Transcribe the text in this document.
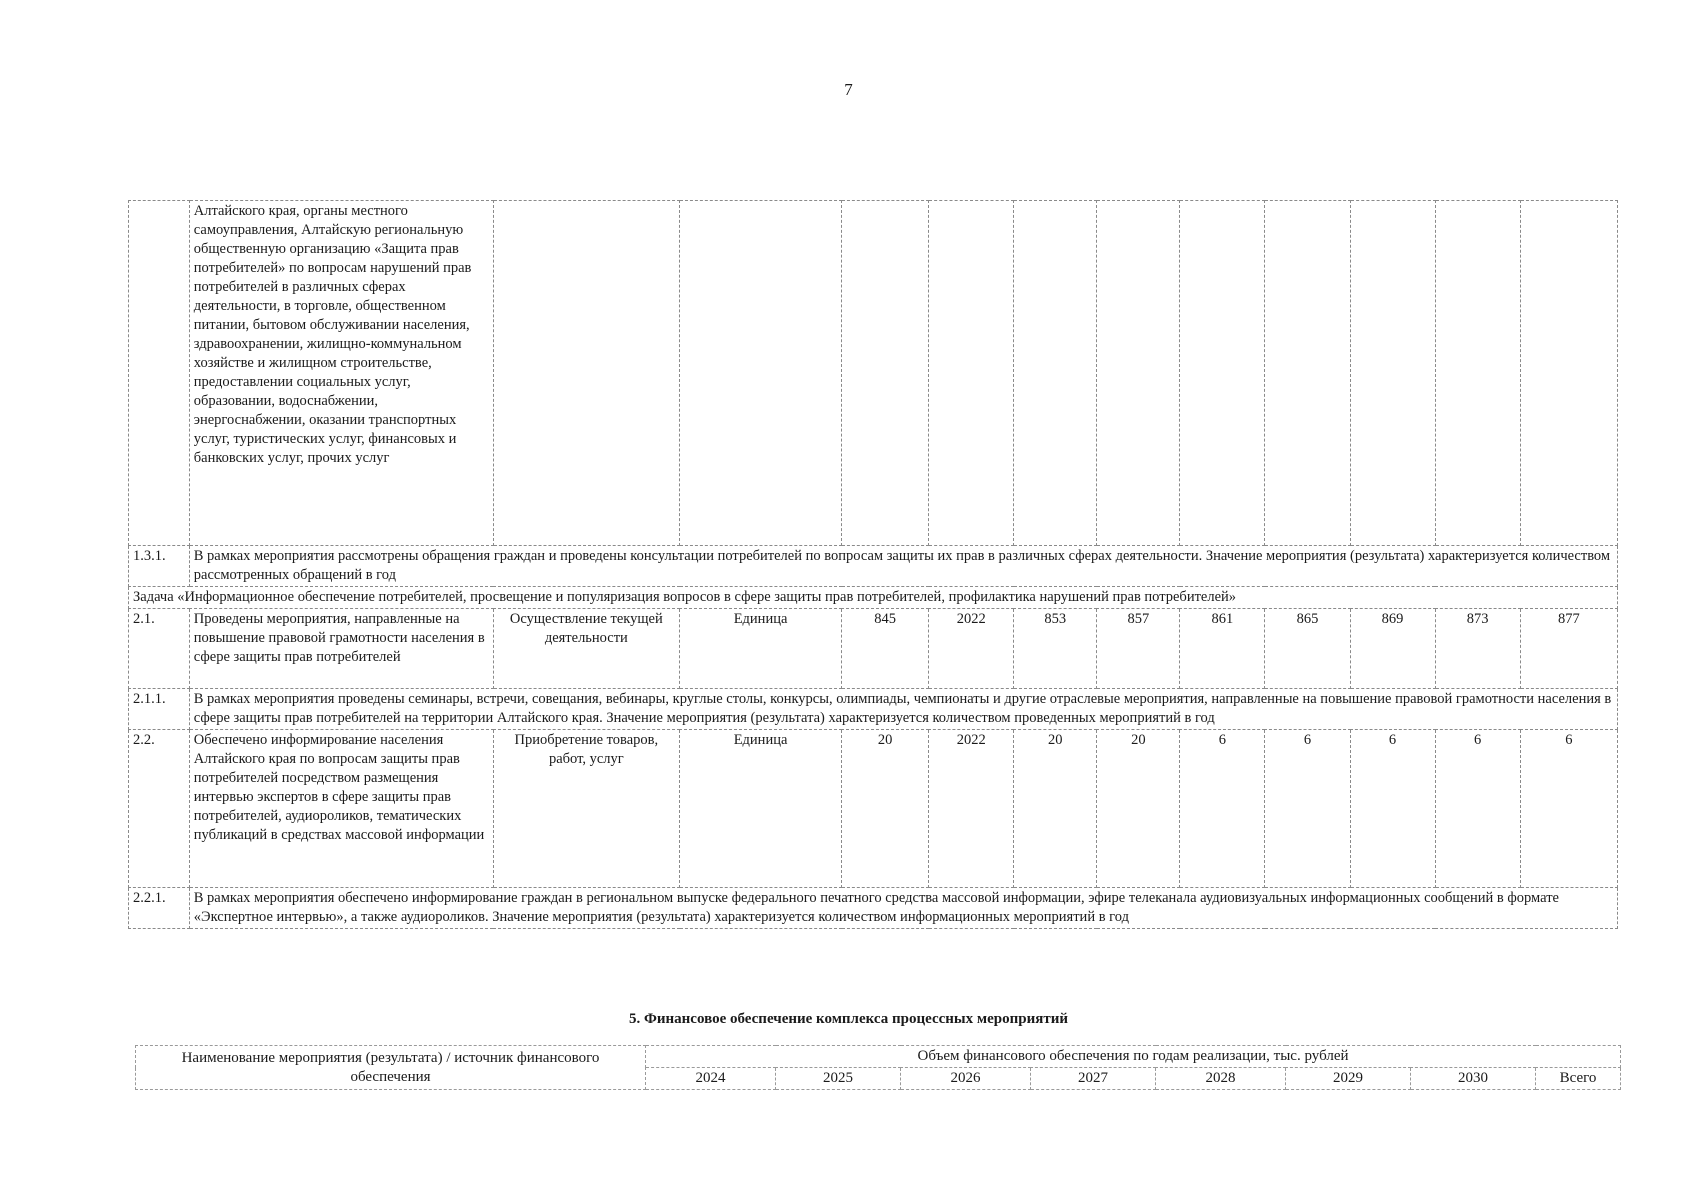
7
	Алтайского края, органы местного самоуправления, Алтайскую региональную общественную организацию «Защита прав потребителей» по вопросам нарушений прав потребителей в различных сферах деятельности, в торговле, общественном питании, бытовом обслуживании населения, здравоохранении, жилищно-коммунальном хозяйстве и жилищном строительстве, предоставлении социальных услуг, образовании, водоснабжении, энергоснабжении, оказании транспортных услуг, туристических услуг, финансовых и банковских услуг, прочих услуг											
1.3.1.	В рамках мероприятия рассмотрены обращения граждан и проведены консультации потребителей по вопросам защиты их прав в различных сферах деятельности. Значение мероприятия (результата) характеризуется количеством рассмотренных обращений в год											
Задача «Информационное обеспечение потребителей, просвещение и популяризация вопросов в сфере защиты прав потребителей, профилактика нарушений прав потребителей»												
2.1.	Проведены мероприятия, направленные на повышение правовой грамотности населения в сфере защиты прав потребителей	Осуществление текущей деятельности	Единица	845	2022	853	857	861	865	869	873	877
2.1.1.	В рамках мероприятия проведены семинары, встречи, совещания, вебинары, круглые столы, конкурсы, олимпиады, чемпионаты и другие отраслевые мероприятия, направленные на повышение правовой грамотности населения в сфере защиты прав потребителей на территории Алтайского края. Значение мероприятия (результата) характеризуется количеством проведенных мероприятий в год											
2.2.	Обеспечено информирование населения Алтайского края по вопросам защиты прав потребителей посредством размещения интервью экспертов в сфере защиты прав потребителей, аудиороликов, тематических публикаций в средствах массовой информации	Приобретение товаров, работ, услуг	Единица	20	2022	20	20	6	6	6	6	6
2.2.1.	В рамках мероприятия обеспечено информирование граждан в региональном выпуске федерального печатного средства массовой информации, эфире телеканала аудиовизуальных информационных сообщений в формате «Экспертное интервью», а также аудиороликов. Значение мероприятия (результата) характеризуется количеством информационных мероприятий в год											
5. Финансовое обеспечение комплекса процессных мероприятий
Наименование мероприятия (результата) / источник финансового обеспечения	Объем финансового обеспечения по годам реализации, тыс. рублей							
	2024	2025	2026	2027	2028	2029	2030	Всего
